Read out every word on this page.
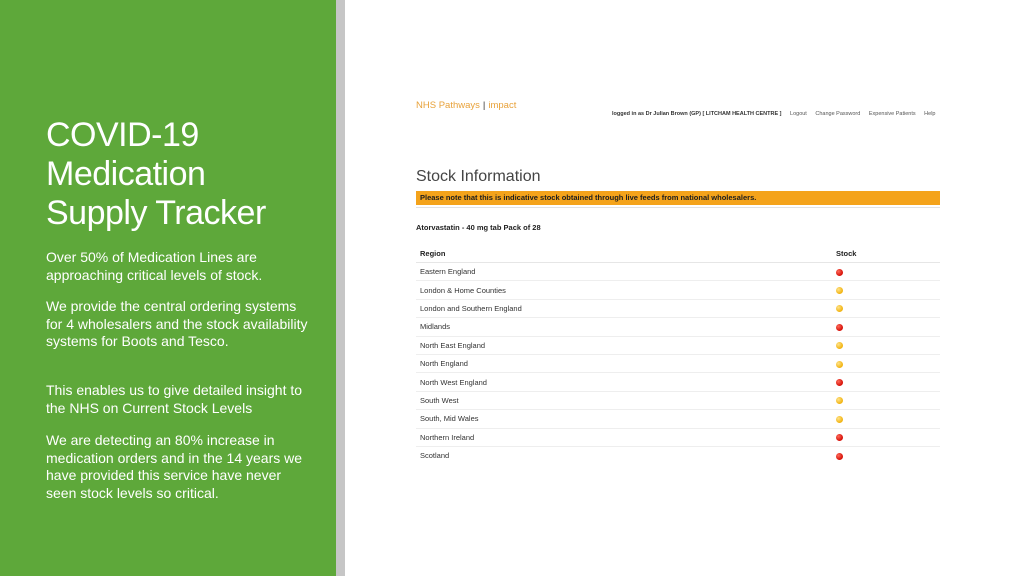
COVID-19
Medication
Supply Tracker
Over 50% of Medication Lines are approaching critical levels of stock.
We provide the central ordering systems for 4 wholesalers and the stock availability systems for Boots and Tesco.
This enables us to give detailed insight to the NHS on Current Stock Levels
We are detecting an 80% increase in medication orders and in the 14 years we have provided this service have never seen stock levels so critical.
NHS Pathways | impact
logged in as Dr Julian Brown (GP) [ LITCHAM HEALTH CENTRE ] Logout Change Password Expensive Patients Help
Stock Information
Please note that this is indicative stock obtained through live feeds from national wholesalers.
Atorvastatin - 40 mg tab Pack of 28
Region	Stock
Eastern England	
London & Home Counties	
London and Southern England	
Midlands	
North East England	
North England	
North West England	
South West	
South, Mid Wales	
Northern Ireland	
Scotland	
